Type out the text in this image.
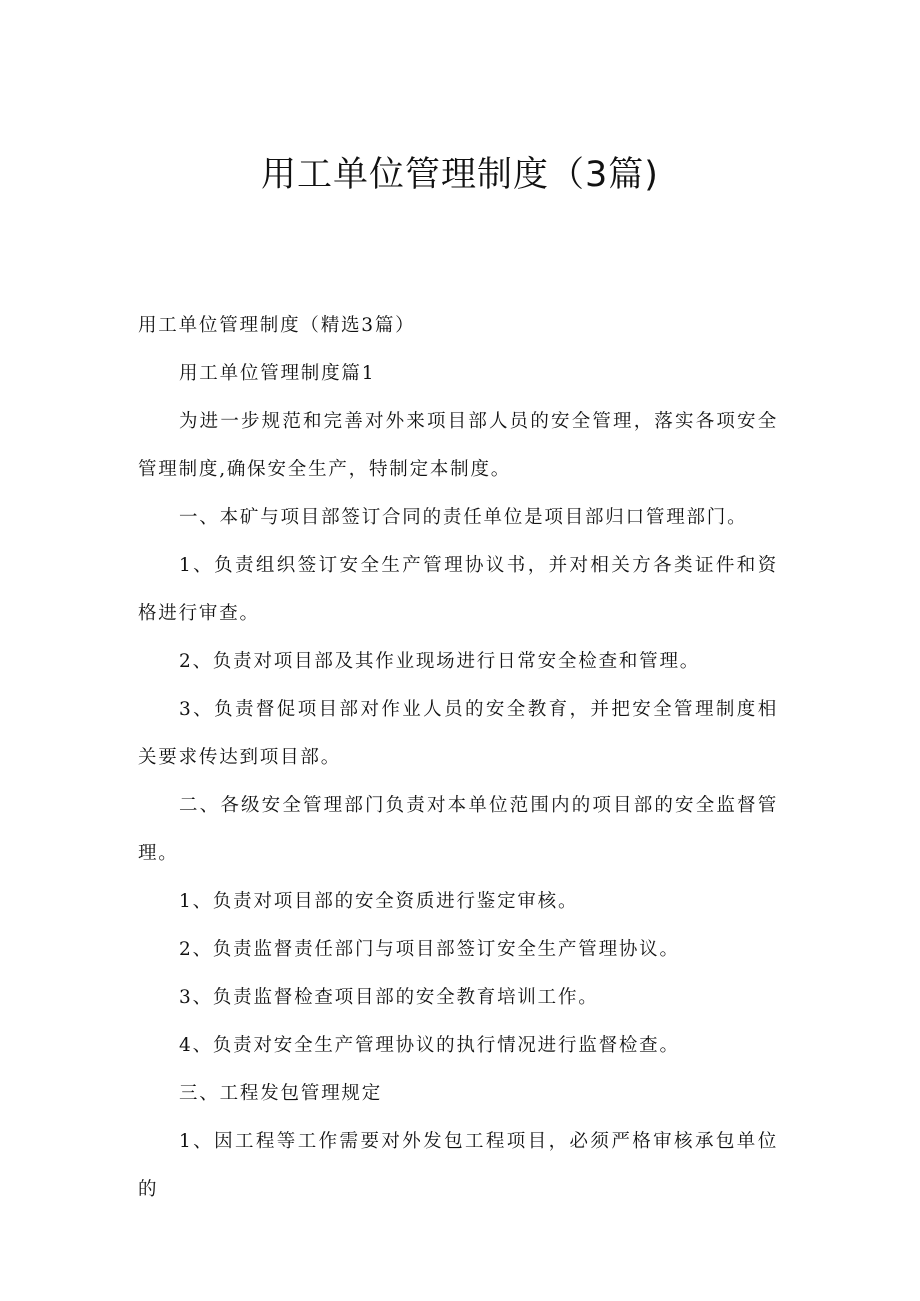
用工单位管理制度（3篇)

用工单位管理制度（精选3篇）

用工单位管理制度篇1

为进一步规范和完善对外来项目部人员的安全管理，落实各项安全管理制度,确保安全生产，特制定本制度。

一、本矿与项目部签订合同的责任单位是项目部归口管理部门。

1、负责组织签订安全生产管理协议书，并对相关方各类证件和资格进行审查。

2、负责对项目部及其作业现场进行日常安全检查和管理。

3、负责督促项目部对作业人员的安全教育，并把安全管理制度相关要求传达到项目部。

二、各级安全管理部门负责对本单位范围内的项目部的安全监督管理。

1、负责对项目部的安全资质进行鉴定审核。

2、负责监督责任部门与项目部签订安全生产管理协议。

3、负责监督检查项目部的安全教育培训工作。

4、负责对安全生产管理协议的执行情况进行监督检查。

三、工程发包管理规定

1、因工程等工作需要对外发包工程项目，必须严格审核承包单位的
